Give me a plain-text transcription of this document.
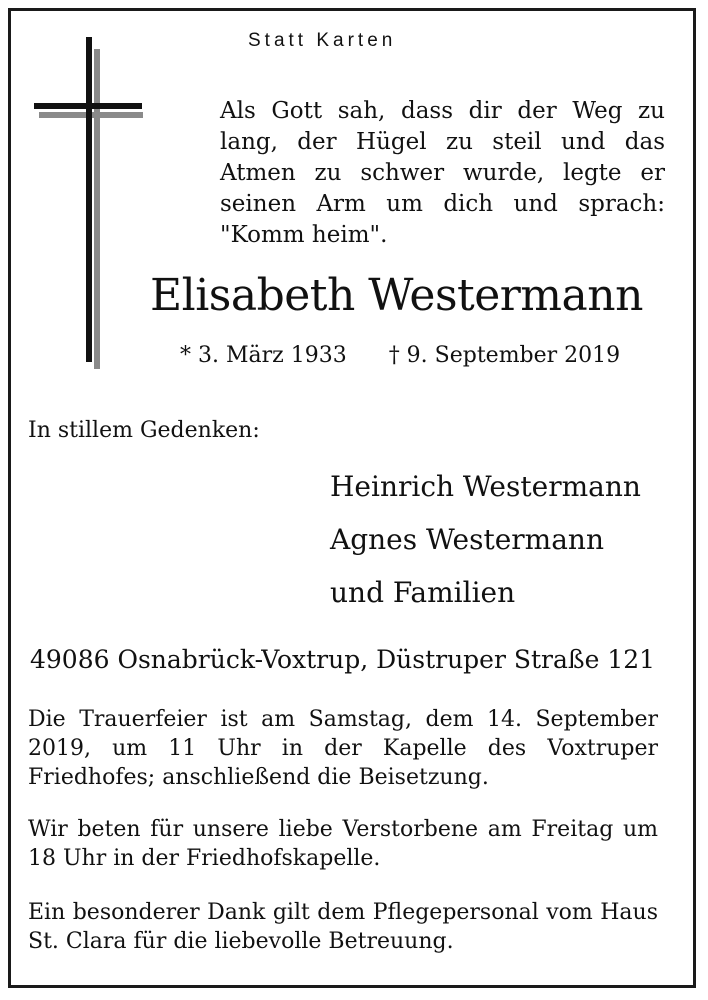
Statt Karten
Als Gott sah, dass dir der Weg zu lang, der Hügel zu steil und das Atmen zu schwer wurde, legte er seinen Arm um dich und sprach: "Komm heim".
Elisabeth Westermann
* 3. März 1933 † 9. September 2019
In stillem Gedenken:
Heinrich Westermann
Agnes Westermann
und Familien
49086 Osnabrück-Voxtrup, Düstruper Straße 121
Die Trauerfeier ist am Samstag, dem 14. September 2019, um 11 Uhr in der Kapelle des Voxtruper Friedhofes; anschließend die Beisetzung.
Wir beten für unsere liebe Verstorbene am Freitag um 18 Uhr in der Friedhofskapelle.
Ein besonderer Dank gilt dem Pflegepersonal vom Haus St. Clara für die liebevolle Betreuung.
